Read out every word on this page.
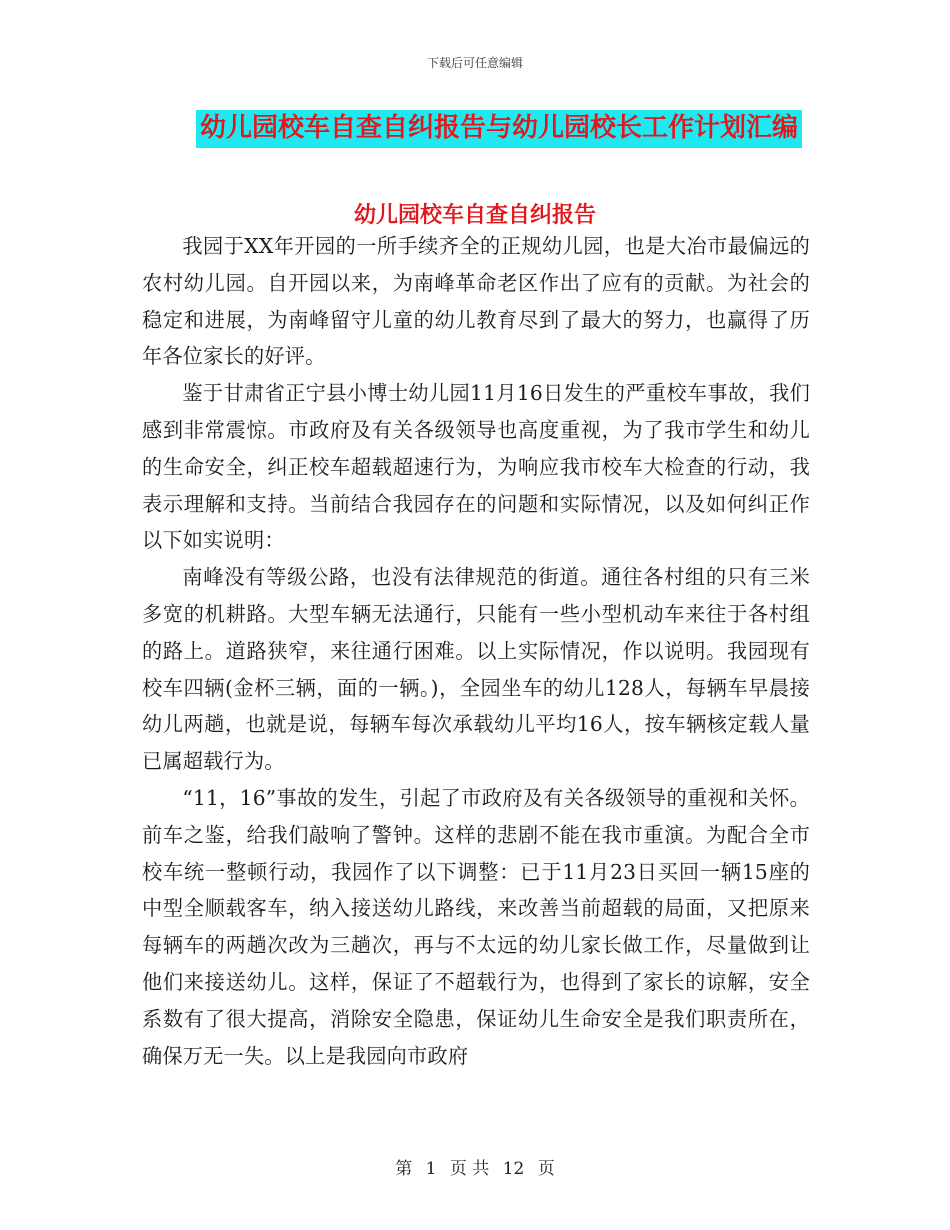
下载后可任意编辑
幼儿园校车自查自纠报告与幼儿园校长工作计划汇编
幼儿园校车自查自纠报告

我园于XX年开园的一所手续齐全的正规幼儿园，也是大冶市最偏远的农村幼儿园。自开园以来，为南峰革命老区作出了应有的贡献。为社会的稳定和进展，为南峰留守儿童的幼儿教育尽到了最大的努力，也赢得了历年各位家长的好评。

鉴于甘肃省正宁县小博士幼儿园11月16日发生的严重校车事故，我们感到非常震惊。市政府及有关各级领导也高度重视，为了我市学生和幼儿的生命安全，纠正校车超载超速行为，为响应我市校车大检查的行动，我表示理解和支持。当前结合我园存在的问题和实际情况，以及如何纠正作以下如实说明：

南峰没有等级公路，也没有法律规范的街道。通往各村组的只有三米多宽的机耕路。大型车辆无法通行，只能有一些小型机动车来往于各村组的路上。道路狭窄，来往通行困难。以上实际情况，作以说明。我园现有校车四辆(金杯三辆，面的一辆。)，全园坐车的幼儿128人，每辆车早晨接幼儿两趟，也就是说，每辆车每次承载幼儿平均16人，按车辆核定载人量已属超载行为。

“11，16”事故的发生，引起了市政府及有关各级领导的重视和关怀。前车之鉴，给我们敲响了警钟。这样的悲剧不能在我市重演。为配合全市校车统一整顿行动，我园作了以下调整：已于11月23日买回一辆15座的中型全顺载客车，纳入接送幼儿路线，来改善当前超载的局面，又把原来每辆车的两趟次改为三趟次，再与不太远的幼儿家长做工作，尽量做到让他们来接送幼儿。这样，保证了不超载行为，也得到了家长的谅解，安全系数有了很大提高，消除安全隐患，保证幼儿生命安全是我们职责所在，确保万无一失。以上是我园向市政府

第 1 页 共 12 页
